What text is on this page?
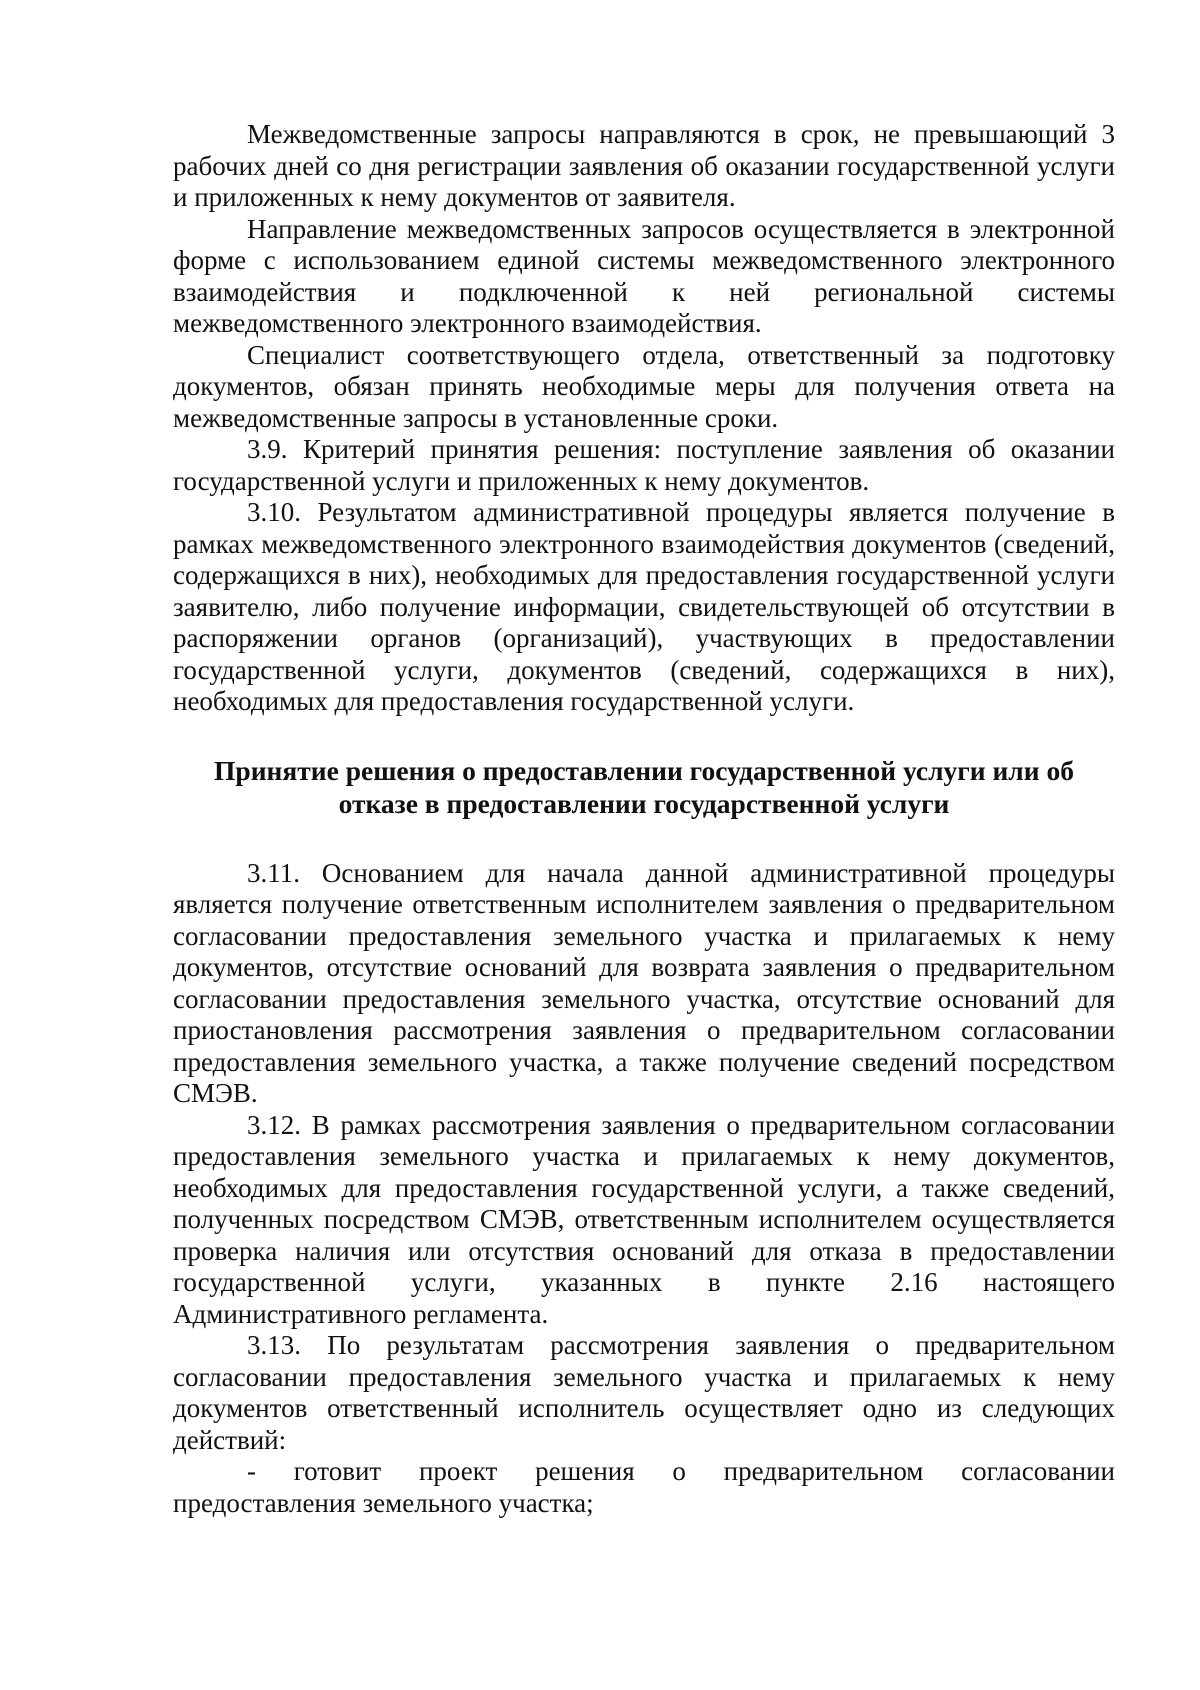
Межведомственные запросы направляются в срок, не превышающий 3 рабочих дней со дня регистрации заявления об оказании государственной услуги и приложенных к нему документов от заявителя.

Направление межведомственных запросов осуществляется в электронной форме с использованием единой системы межведомственного электронного взаимодействия и подключенной к ней региональной системы межведомственного электронного взаимодействия.

Специалист соответствующего отдела, ответственный за подготовку документов, обязан принять необходимые меры для получения ответа на межведомственные запросы в установленные сроки.

3.9. Критерий принятия решения: поступление заявления об оказании государственной услуги и приложенных к нему документов.

3.10. Результатом административной процедуры является получение в рамках межведомственного электронного взаимодействия документов (сведений, содержащихся в них), необходимых для предоставления государственной услуги заявителю, либо получение информации, свидетельствующей об отсутствии в распоряжении органов (организаций), участвующих в предоставлении государственной услуги, документов (сведений, содержащихся в них), необходимых для предоставления государственной услуги.

Принятие решения о предоставлении государственной услуги или об
отказе в предоставлении государственной услуги

3.11. Основанием для начала данной административной процедуры является получение ответственным исполнителем заявления о предварительном согласовании предоставления земельного участка и прилагаемых к нему документов, отсутствие оснований для возврата заявления о предварительном согласовании предоставления земельного участка, отсутствие оснований для приостановления рассмотрения заявления о предварительном согласовании предоставления земельного участка, а также получение сведений посредством СМЭВ.

3.12. В рамках рассмотрения заявления о предварительном согласовании предоставления земельного участка и прилагаемых к нему документов, необходимых для предоставления государственной услуги, а также сведений, полученных посредством СМЭВ, ответственным исполнителем осуществляется проверка наличия или отсутствия оснований для отказа в предоставлении государственной услуги, указанных в пункте 2.16 настоящего Административного регламента.

3.13. По результатам рассмотрения заявления о предварительном согласовании предоставления земельного участка и прилагаемых к нему документов ответственный исполнитель осуществляет одно из следующих действий:

- готовит проект решения о предварительном согласовании предоставления земельного участка;
